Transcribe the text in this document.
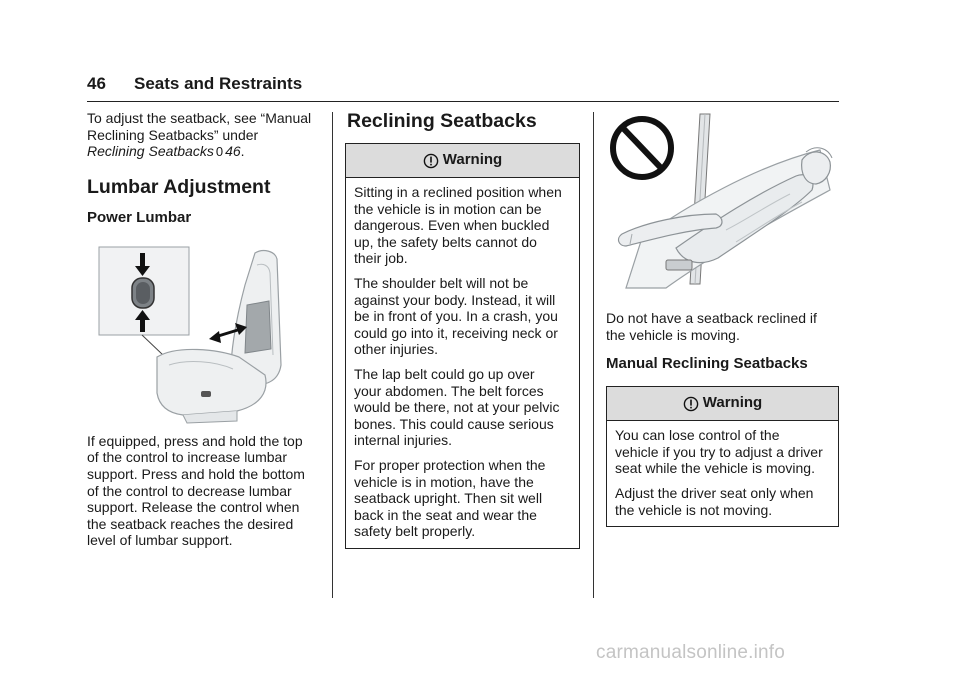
46 Seats and Restraints
To adjust the seatback, see “Manual
Reclining Seatbacks” under
Reclining Seatbacks 0 46.
Lumbar Adjustment
Power Lumbar
If equipped, press and hold the top
of the control to increase lumbar
support. Press and hold the bottom
of the control to decrease lumbar
support. Release the control when
the seatback reaches the desired
level of lumbar support.
Reclining Seatbacks
Warning

Sitting in a reclined position when
the vehicle is in motion can be
dangerous. Even when buckled
up, the safety belts cannot do
their job.

The shoulder belt will not be
against your body. Instead, it will
be in front of you. In a crash, you
could go into it, receiving neck or
other injuries.

The lap belt could go up over
your abdomen. The belt forces
would be there, not at your pelvic
bones. This could cause serious
internal injuries.

For proper protection when the
vehicle is in motion, have the
seatback upright. Then sit well
back in the seat and wear the
safety belt properly.

Do not have a seatback reclined if
the vehicle is moving.
Manual Reclining Seatbacks
Warning

You can lose control of the
vehicle if you try to adjust a driver
seat while the vehicle is moving.

Adjust the driver seat only when
the vehicle is not moving.

carmanualsonline.info
